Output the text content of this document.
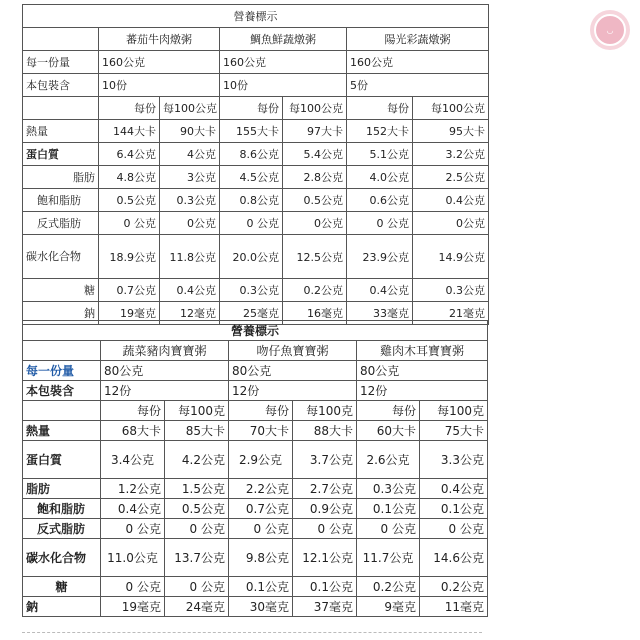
◡
營養標示						
	蕃茄牛肉燉粥		鯛魚鮮蔬燉粥		陽光彩蔬燉粥	
每一份量	160公克		160公克		160公克	
本包裝含	10份		10份		5份	
	每份	每100公克	每份	每100公克	每份	每100公克
熱量	144大卡	90大卡	155大卡	97大卡	152大卡	95大卡
蛋白質	6.4公克	4公克	8.6公克	5.4公克	5.1公克	3.2公克
脂肪	4.8公克	3公克	4.5公克	2.8公克	4.0公克	2.5公克
飽和脂肪	0.5公克	0.3公克	0.8公克	0.5公克	0.6公克	0.4公克
反式脂肪	0 公克	0公克	0 公克	0公克	0 公克	0公克
碳水化合物	18.9公克	11.8公克	20.0公克	12.5公克	23.9公克	14.9公克
糖	0.7公克	0.4公克	0.3公克	0.2公克	0.4公克	0.3公克
鈉	19毫克	12毫克	25毫克	16毫克	33毫克	21毫克
營養標示						
	蔬菜豬肉寶寶粥		吻仔魚寶寶粥		雞肉木耳寶寶粥	
每一份量	80公克		80公克		80公克	
本包裝含	12份		12份		12份	
	每份	每100克	每份	每100克	每份	每100克
熱量	68大卡	85大卡	70大卡	88大卡	60大卡	75大卡
蛋白質	3.4公克	4.2公克	2.9公克	3.7公克	2.6公克	3.3公克
脂肪	1.2公克	1.5公克	2.2公克	2.7公克	0.3公克	0.4公克
飽和脂肪	0.4公克	0.5公克	0.7公克	0.9公克	0.1公克	0.1公克
反式脂肪	0 公克	0 公克	0 公克	0 公克	0 公克	0 公克
碳水化合物	11.0公克	13.7公克	9.8公克	12.1公克	11.7公克	14.6公克
糖	0 公克	0 公克	0.1公克	0.1公克	0.2公克	0.2公克
鈉	19毫克	24毫克	30毫克	37毫克	9毫克	11毫克
